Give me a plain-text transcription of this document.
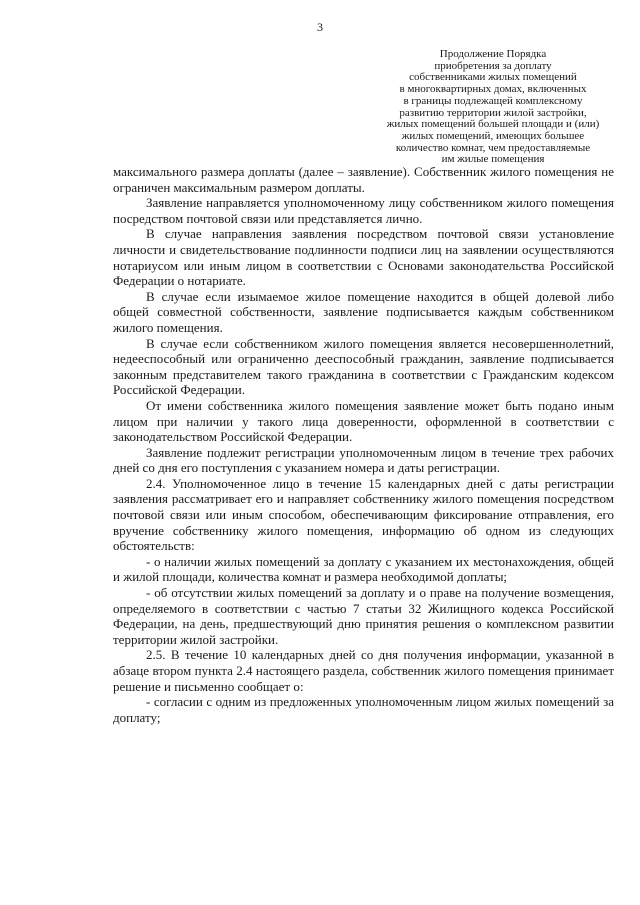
3
Продолжение Порядка
приобретения за доплату
собственниками жилых помещений
в многоквартирных домах, включенных
в границы подлежащей комплексному
развитию территории жилой застройки,
жилых помещений большей площади и (или)
жилых помещений, имеющих большее
количество комнат, чем предоставляемые
им жилые помещения

максимального размера доплаты (далее – заявление). Собственник жилого помещения не ограничен максимальным размером доплаты.

Заявление направляется уполномоченному лицу собственником жилого помещения посредством почтовой связи или представляется лично.

В случае направления заявления посредством почтовой связи установление личности и свидетельствование подлинности подписи лиц на заявлении осуществляются нотариусом или иным лицом в соответствии с Основами законодательства Российской Федерации о нотариате.

В случае если изымаемое жилое помещение находится в общей долевой либо общей совместной собственности, заявление подписывается каждым собственником жилого помещения.

В случае если собственником жилого помещения является несовершеннолетний, недееспособный или ограниченно дееспособный гражданин, заявление подписывается законным представителем такого гражданина в соответствии с Гражданским кодексом Российской Федерации.

От имени собственника жилого помещения заявление может быть подано иным лицом при наличии у такого лица доверенности, оформленной в соответствии с законодательством Российской Федерации.

Заявление подлежит регистрации уполномоченным лицом в течение трех рабочих дней со дня его поступления с указанием номера и даты регистрации.

2.4. Уполномоченное лицо в течение 15 календарных дней с даты регистрации заявления рассматривает его и направляет собственнику жилого помещения посредством почтовой связи или иным способом, обеспечивающим фиксирование отправления, его вручение собственнику жилого помещения, информацию об одном из следующих обстоятельств:

- о наличии жилых помещений за доплату с указанием их местонахождения, общей и жилой площади, количества комнат и размера необходимой доплаты;

- об отсутствии жилых помещений за доплату и о праве на получение возмещения, определяемого в соответствии с частью 7 статьи 32 Жилищного кодекса Российской Федерации, на день, предшествующий дню принятия решения о комплексном развитии территории жилой застройки.

2.5. В течение 10 календарных дней со дня получения информации, указанной в абзаце втором пункта 2.4 настоящего раздела, собственник жилого помещения принимает решение и письменно сообщает о:

- согласии с одним из предложенных уполномоченным лицом жилых помещений за доплату;
